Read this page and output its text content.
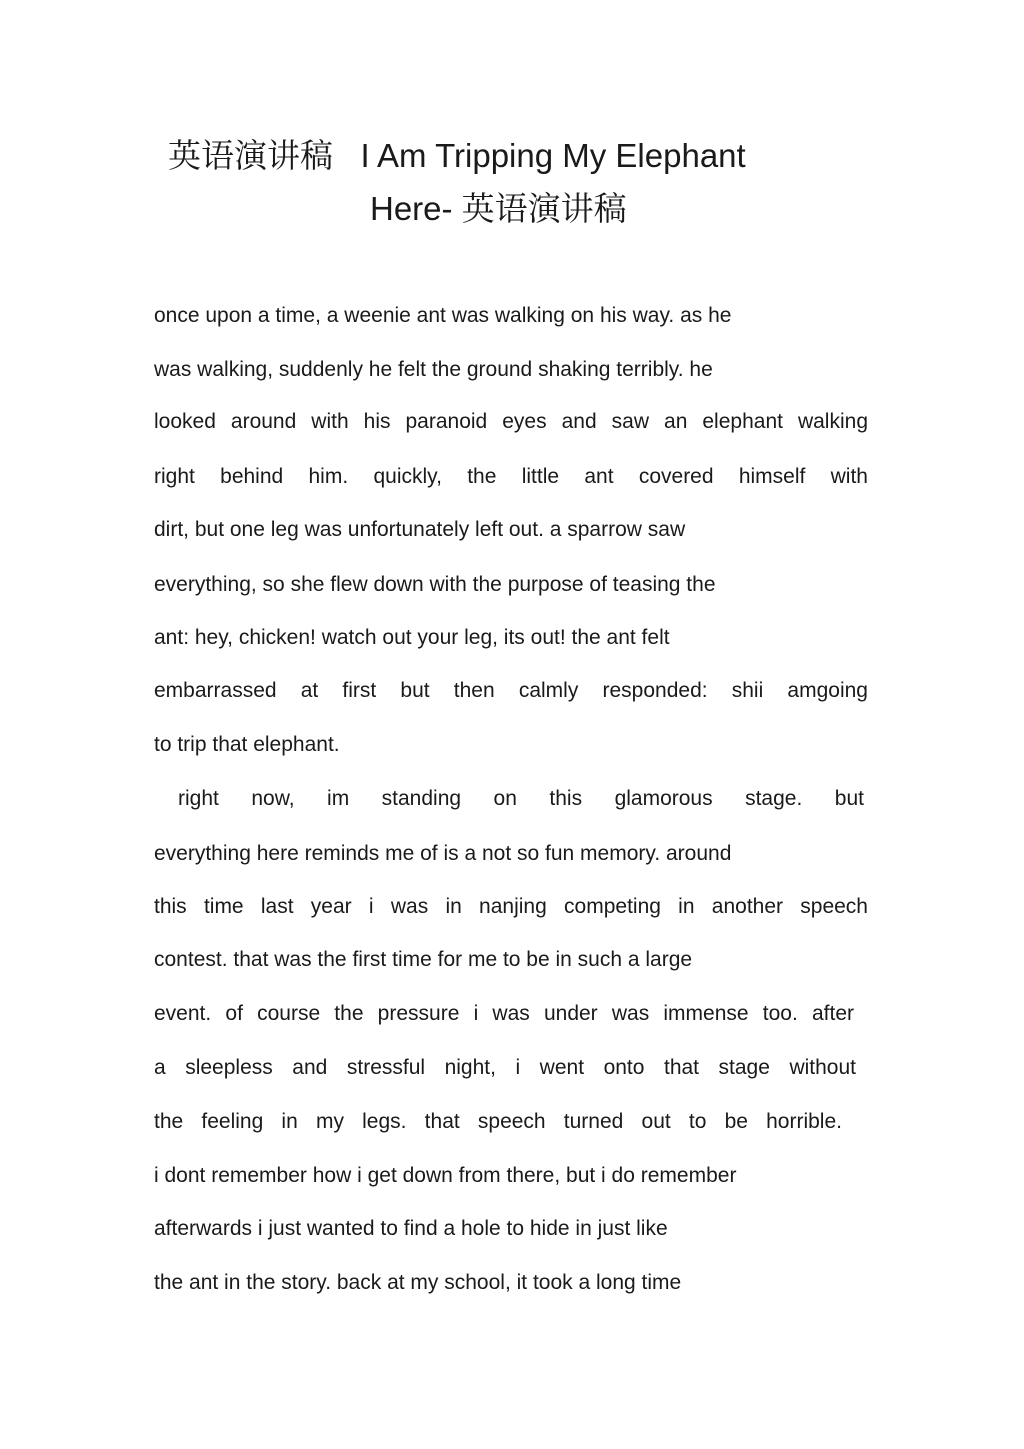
英语演讲稿   I Am Tripping My Elephant
Here- 英语演讲稿
once upon a time, a weenie ant was walking on his way. as he
was walking, suddenly he felt the ground shaking terribly. he
looked around with his paranoid eyes and saw an elephant walking
right behind him. quickly, the little ant covered himself with
dirt, but one leg was unfortunately left out. a sparrow saw
everything, so she flew down with the purpose of teasing the
ant: hey, chicken! watch out your leg, its out! the ant felt
embarrassed at first but then calmly responded: shii amgoing
to trip that elephant.
right now, im standing on this glamorous stage. but
everything here reminds me of is a not so fun memory. around
this time last year i was in nanjing competing in another speech
contest. that was the first time for me to be in such a large
event. of course the pressure i was under was immense too. after
a sleepless and stressful night, i went onto that stage without
the feeling in my legs. that speech turned out to be horrible.
i dont remember how i get down from there, but i do remember
afterwards i just wanted to find a hole to hide in just like
the ant in the story. back at my school, it took a long time
